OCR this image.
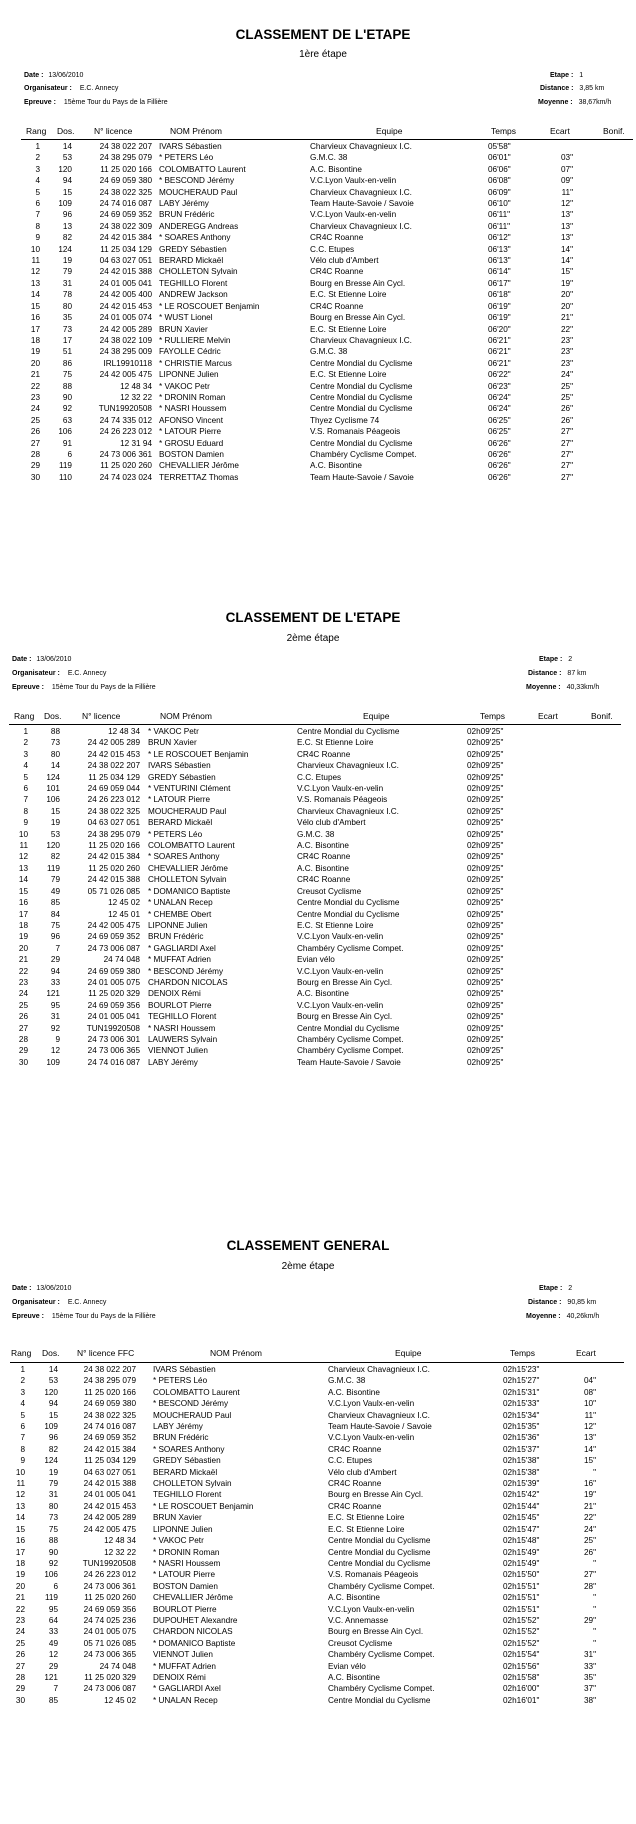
CLASSEMENT DE L'ETAPE
1ère étape
Date : 13/06/2010
Organisateur : E.C. Annecy
Epreuve : 15ème Tour du Pays de la Fillière
Etape : 1
Distance : 3,85 km
Moyenne : 38,67km/h
Rang Dos. N° licence	NOM Prénom	Equipe	Temps	Ecart	Bonif.
1	14	24 38 022 207 IVARS Sébastien	Charvieux Chavagnieux I.C.	05'58"
2	53	24 38 295 079 * PETERS Léo	G.M.C. 38	06'01"	03"
3 120	11 25 020 166 COLOMBATTO Laurent	A.C. Bisontine	06'06"	07"
4	94	24 69 059 380 * BESCOND Jérémy	V.C.Lyon Vaulx-en-velin	06'08"	09"
5	15	24 38 022 325 MOUCHERAUD Paul	Charvieux Chavagnieux I.C.	06'09"	11"
6 109	24 74 016 087 LABY Jérémy	Team Haute-Savoie / Savoie	06'10"	12"
7	96	24 69 059 352 BRUN Frédéric	V.C.Lyon Vaulx-en-velin	06'11"	13"
8	13	24 38 022 309 ANDEREGG Andreas	Charvieux Chavagnieux I.C.	06'11"	13"
9	82	24 42 015 384 * SOARES Anthony	CR4C Roanne	06'12"	13"
10 124	11 25 034 129 GREDY Sébastien	C.C. Etupes	06'13"	14"
11	19	04 63 027 051 BERARD Mickaël	Vélo club d'Ambert	06'13"	14"
12	79	24 42 015 388 CHOLLETON Sylvain	CR4C Roanne	06'14"	15"
13	31	24 01 005 041 TEGHILLO Florent	Bourg en Bresse Ain Cycl.	06'17"	19"
14	78	24 42 005 400 ANDREW Jackson	E.C. St Etienne Loire	06'18"	20"
15	80	24 42 015 453 * LE ROSCOUET Benjamin	CR4C Roanne	06'19"	20"
16	35	24 01 005 074 * WUST Lionel	Bourg en Bresse Ain Cycl.	06'19"	21"
17	73	24 42 005 289 BRUN Xavier	E.C. St Etienne Loire	06'20"	22"
18	17	24 38 022 109 * RULLIERE Melvin	Charvieux Chavagnieux I.C.	06'21"	23"
19	51	24 38 295 009 FAYOLLE Cédric	G.M.C. 38	06'21"	23"
20	86	IRL19910118 * CHRISTIE Marcus	Centre Mondial du Cyclisme	06'21"	23"
21	75	24 42 005 475 LIPONNE Julien	E.C. St Etienne Loire	06'22"	24"
22	88	12 48 34 * VAKOC Petr	Centre Mondial du Cyclisme	06'23"	25"
23	90	12 32 22 * DRONIN Roman	Centre Mondial du Cyclisme	06'24"	25"
24	92	TUN19920508 * NASRI Houssem	Centre Mondial du Cyclisme	06'24"	26"
25	63	24 74 335 012 AFONSO Vincent	Thyez Cyclisme 74	06'25"	26"
26 106	24 26 223 012 * LATOUR Pierre	V.S. Romanais Péageois	06'25"	27"
27	91	12 31 94 * GROSU Eduard	Centre Mondial du Cyclisme	06'26"	27"
28	6	24 73 006 361 BOSTON Damien	Chambéry Cyclisme Compet.	06'26"	27"
29 119	11 25 020 260 CHEVALLIER Jérôme	A.C. Bisontine	06'26"	27"
30 110	24 74 023 024 TERRETTAZ Thomas	Team Haute-Savoie / Savoie	06'26"	27"
CLASSEMENT DE L'ETAPE
2ème étape
Date : 13/06/2010
Organisateur : E.C. Annecy
Epreuve : 15ème Tour du Pays de la Fillière
Etape : 2
Distance : 87 km
Moyenne : 40,33km/h
Rang Dos. N° licence	NOM Prénom	Equipe	Temps	Ecart	Bonif.
1	88	12 48 34 * VAKOC Petr	Centre Mondial du Cyclisme	02h09'25"
2	73	24 42 005 289 BRUN Xavier	E.C. St Etienne Loire	02h09'25"
3	80	24 42 015 453 * LE ROSCOUET Benjamin	CR4C Roanne	02h09'25"
4	14	24 38 022 207 IVARS Sébastien	Charvieux Chavagnieux I.C.	02h09'25"
5 124	11 25 034 129 GREDY Sébastien	C.C. Etupes	02h09'25"
6 101	24 69 059 044 * VENTURINI Clément	V.C.Lyon Vaulx-en-velin	02h09'25"
7 106	24 26 223 012 * LATOUR Pierre	V.S. Romanais Péageois	02h09'25"
8	15	24 38 022 325 MOUCHERAUD Paul	Charvieux Chavagnieux I.C.	02h09'25"
9	19	04 63 027 051 BERARD Mickaël	Vélo club d'Ambert	02h09'25"
10	53	24 38 295 079 * PETERS Léo	G.M.C. 38	02h09'25"
11 120	11 25 020 166 COLOMBATTO Laurent	A.C. Bisontine	02h09'25"
12	82	24 42 015 384 * SOARES Anthony	CR4C Roanne	02h09'25"
13 119	11 25 020 260 CHEVALLIER Jérôme	A.C. Bisontine	02h09'25"
14	79	24 42 015 388 CHOLLETON Sylvain	CR4C Roanne	02h09'25"
15	49	05 71 026 085 * DOMANICO Baptiste	Creusot Cyclisme	02h09'25"
16	85	12 45 02 * UNALAN Recep	Centre Mondial du Cyclisme	02h09'25"
17	84	12 45 01 * CHEMBE Obert	Centre Mondial du Cyclisme	02h09'25"
18	75	24 42 005 475 LIPONNE Julien	E.C. St Etienne Loire	02h09'25"
19	96	24 69 059 352 BRUN Frédéric	V.C.Lyon Vaulx-en-velin	02h09'25"
20	7	24 73 006 087 * GAGLIARDI Axel	Chambéry Cyclisme Compet.	02h09'25"
21	29	24 74 048 * MUFFAT Adrien	Evian vélo	02h09'25"
22	94	24 69 059 380 * BESCOND Jérémy	V.C.Lyon Vaulx-en-velin	02h09'25"
23	33	24 01 005 075 CHARDON NICOLAS	Bourg en Bresse Ain Cycl.	02h09'25"
24 121	11 25 020 329 DENOIX Rémi	A.C. Bisontine	02h09'25"
25	95	24 69 059 356 BOURLOT Pierre	V.C.Lyon Vaulx-en-velin	02h09'25"
26	31	24 01 005 041 TEGHILLO Florent	Bourg en Bresse Ain Cycl.	02h09'25"
27	92	TUN19920508 * NASRI Houssem	Centre Mondial du Cyclisme	02h09'25"
28	9	24 73 006 301 LAUWERS Sylvain	Chambéry Cyclisme Compet.	02h09'25"
29	12	24 73 006 365 VIENNOT Julien	Chambéry Cyclisme Compet.	02h09'25"
30 109	24 74 016 087 LABY Jérémy	Team Haute-Savoie / Savoie	02h09'25"
CLASSEMENT GENERAL
2ème étape
Date : 13/06/2010
Organisateur : E.C. Annecy
Epreuve : 15ème Tour du Pays de la Fillière
Etape : 2
Distance : 90,85 km
Moyenne : 40,26km/h
Rang Dos. N° licence FFC	NOM Prénom	Equipe	Temps	Ecart
1	14	24 38 022 207 IVARS Sébastien	Charvieux Chavagnieux I.C.	02h15'23"
2	53	24 38 295 079 * PETERS Léo	G.M.C. 38	02h15'27"	04"
3 120	11 25 020 166 COLOMBATTO Laurent	A.C. Bisontine	02h15'31"	08"
4	94	24 69 059 380 * BESCOND Jérémy	V.C.Lyon Vaulx-en-velin	02h15'33"	10"
5	15	24 38 022 325 MOUCHERAUD Paul	Charvieux Chavagnieux I.C.	02h15'34"	11"
6 109	24 74 016 087 LABY Jérémy	Team Haute-Savoie / Savoie	02h15'35"	12"
7	96	24 69 059 352 BRUN Frédéric	V.C.Lyon Vaulx-en-velin	02h15'36"	13"
8	82	24 42 015 384 * SOARES Anthony	CR4C Roanne	02h15'37"	14"
9 124	11 25 034 129 GREDY Sébastien	C.C. Etupes	02h15'38"	15"
10	19	04 63 027 051 BERARD Mickaël	Vélo club d'Ambert	02h15'38"	"
11	79	24 42 015 388 CHOLLETON Sylvain	CR4C Roanne	02h15'39"	16"
12	31	24 01 005 041 TEGHILLO Florent	Bourg en Bresse Ain Cycl.	02h15'42"	19"
13	80	24 42 015 453 * LE ROSCOUET Benjamin	CR4C Roanne	02h15'44"	21"
14	73	24 42 005 289 BRUN Xavier	E.C. St Etienne Loire	02h15'45"	22"
15	75	24 42 005 475 LIPONNE Julien	E.C. St Etienne Loire	02h15'47"	24"
16	88	12 48 34 * VAKOC Petr	Centre Mondial du Cyclisme	02h15'48"	25"
17	90	12 32 22 * DRONIN Roman	Centre Mondial du Cyclisme	02h15'49"	26"
18	92	TUN19920508 * NASRI Houssem	Centre Mondial du Cyclisme	02h15'49"	"
19 106	24 26 223 012 * LATOUR Pierre	V.S. Romanais Péageois	02h15'50"	27"
20	6	24 73 006 361 BOSTON Damien	Chambéry Cyclisme Compet.	02h15'51"	28"
21 119	11 25 020 260 CHEVALLIER Jérôme	A.C. Bisontine	02h15'51"	"
22	95	24 69 059 356 BOURLOT Pierre	V.C.Lyon Vaulx-en-velin	02h15'51"	"
23	64	24 74 025 236 DUPOUHET Alexandre	V.C. Annemasse	02h15'52"	29"
24	33	24 01 005 075 CHARDON NICOLAS	Bourg en Bresse Ain Cycl.	02h15'52"	"
25	49	05 71 026 085 * DOMANICO Baptiste	Creusot Cyclisme	02h15'52"	"
26	12	24 73 006 365 VIENNOT Julien	Chambéry Cyclisme Compet.	02h15'54"	31"
27	29	24 74 048 * MUFFAT Adrien	Evian vélo	02h15'56"	33"
28 121	11 25 020 329 DENOIX Rémi	A.C. Bisontine	02h15'58"	35"
29	7	24 73 006 087 * GAGLIARDI Axel	Chambéry Cyclisme Compet.	02h16'00"	37"
30	85	12 45 02 * UNALAN Recep	Centre Mondial du Cyclisme	02h16'01"	38"
